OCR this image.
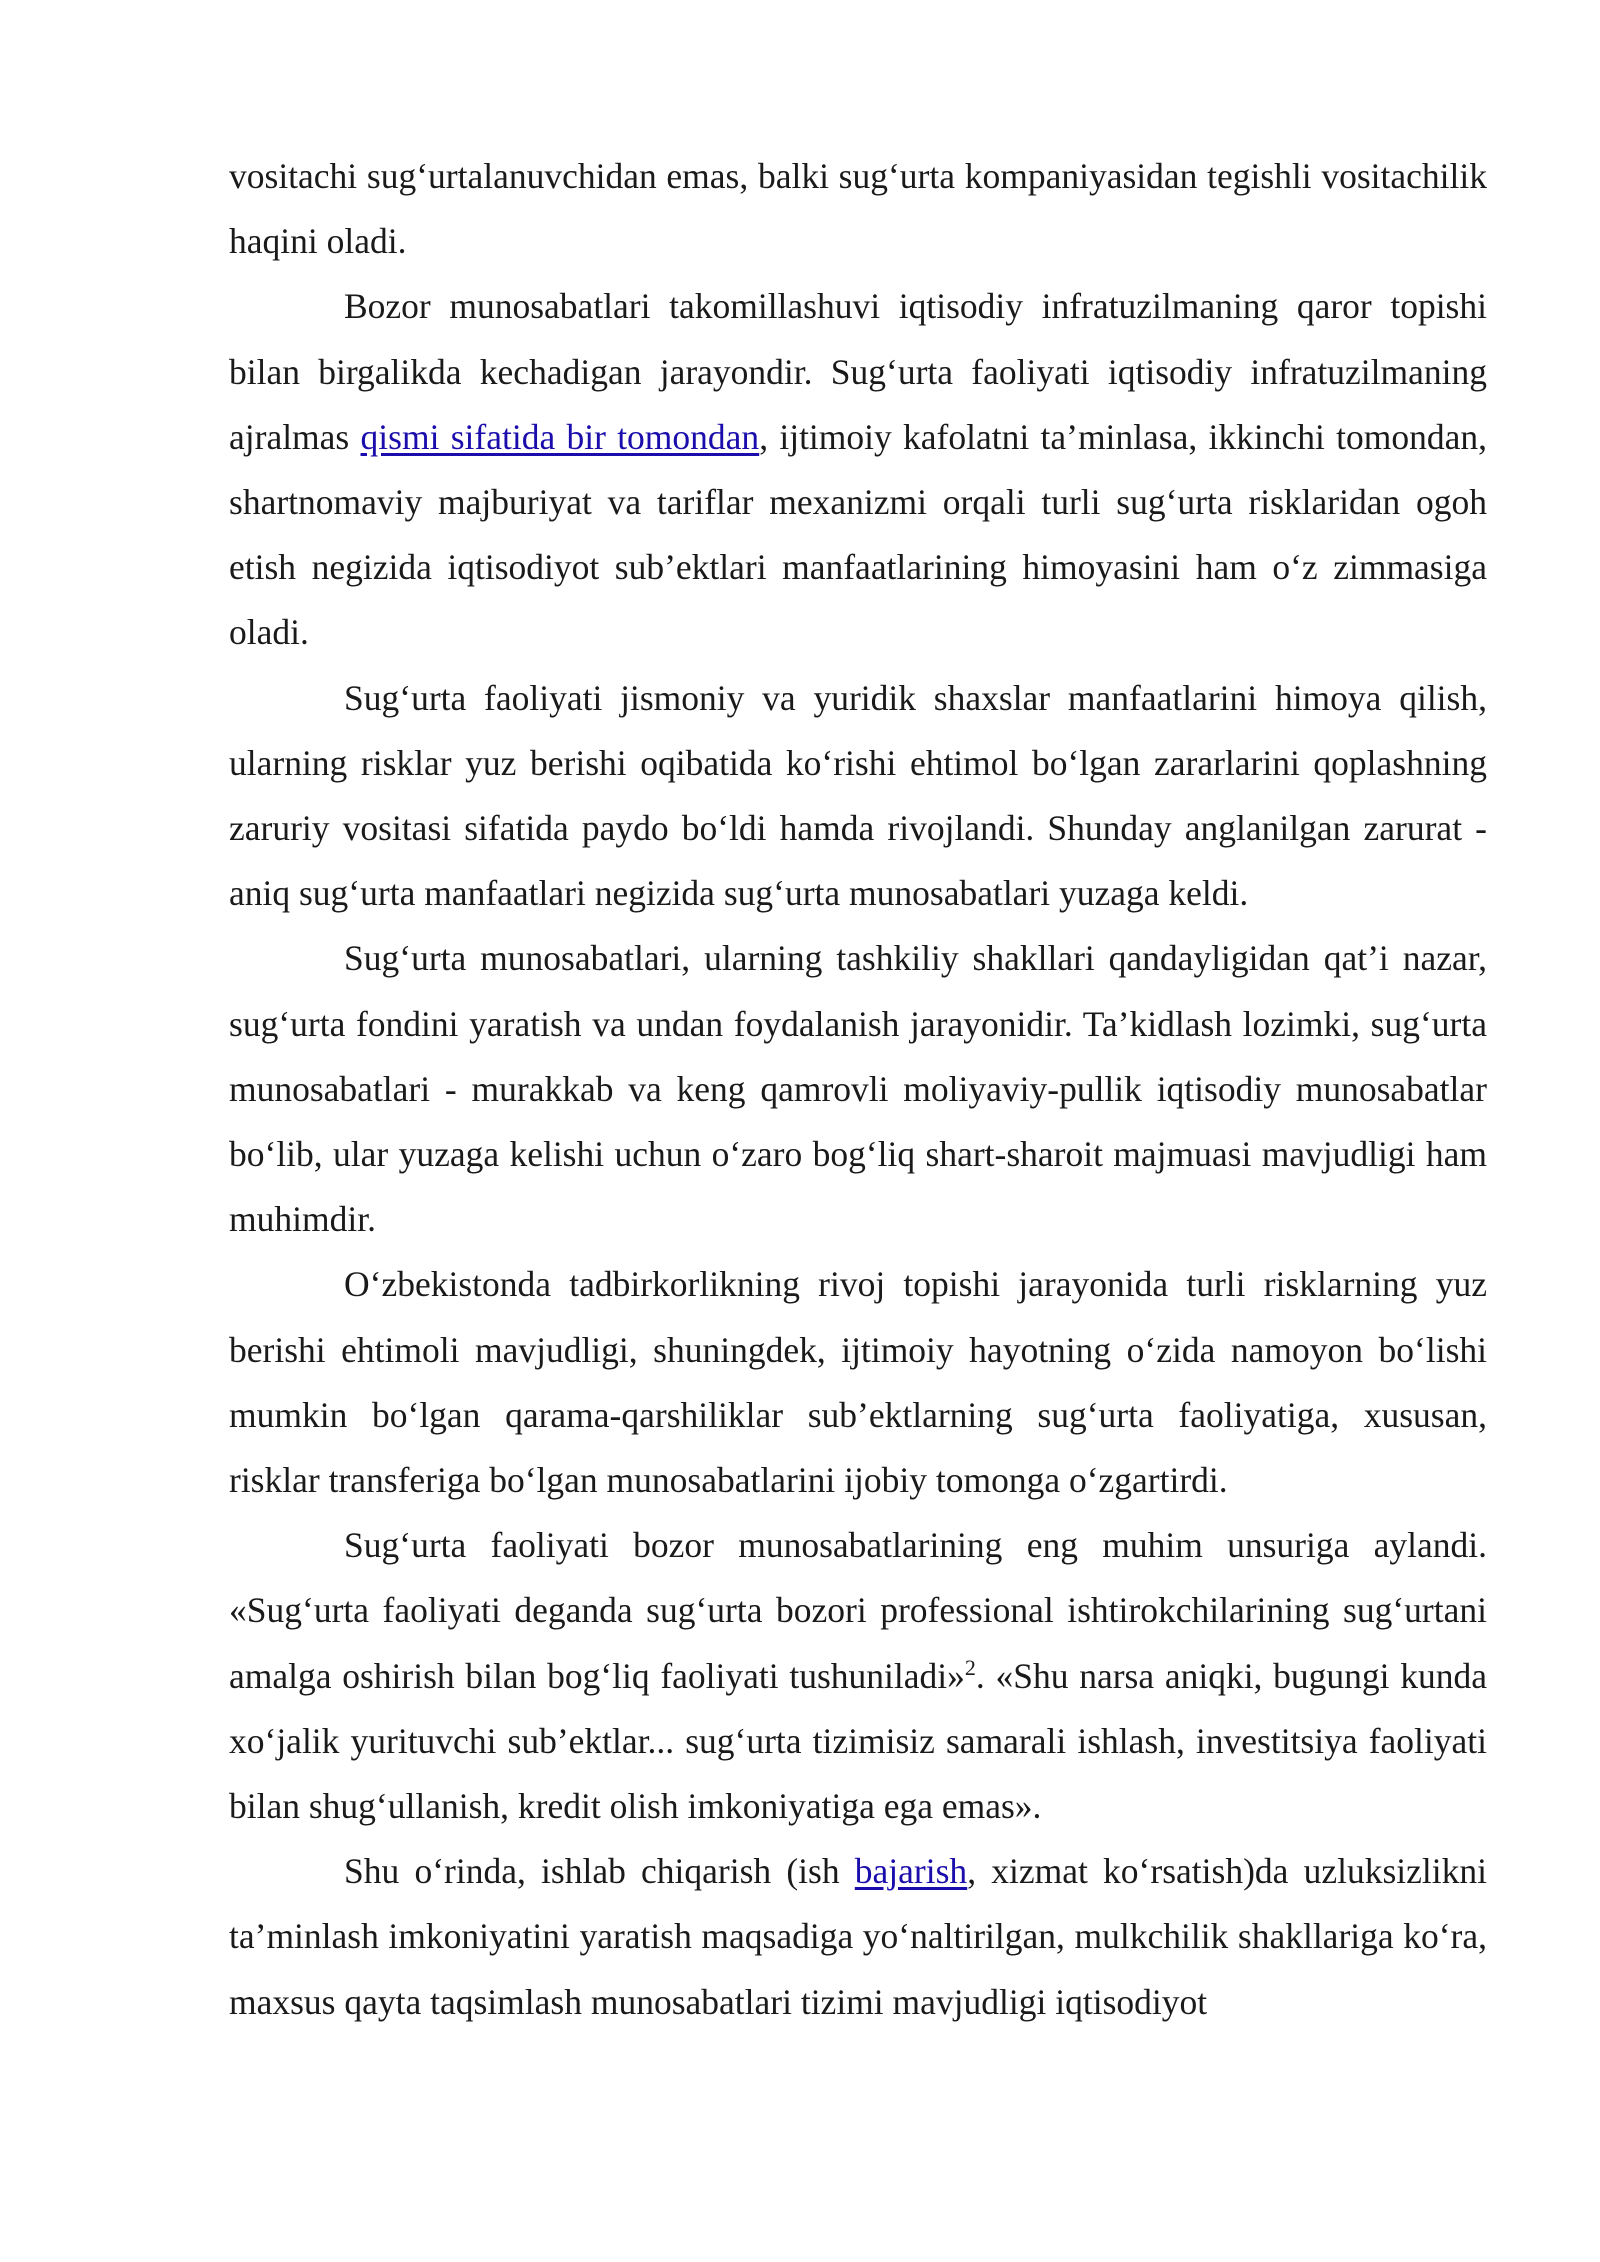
vositachi sug‘urtalanuvchidan emas, balki sug‘urta kompaniyasidan tegishli vositachilik haqini oladi.

Bozor munosabatlari takomillashuvi iqtisodiy infratuzilmaning qaror topishi bilan birgalikda kechadigan jarayondir. Sug‘urta faoliyati iqtisodiy infratuzilmaning ajralmas qismi sifatida bir tomondan, ijtimoiy kafolatni ta’minlasa, ikkinchi tomondan, shartnomaviy majburiyat va tariflar mexanizmi orqali turli sug‘urta risklaridan ogoh etish negizida iqtisodiyot sub’ektlari manfaatlarining himoyasini ham o‘z zimmasiga oladi.

Sug‘urta faoliyati jismoniy va yuridik shaxslar manfaatlarini himoya qilish, ularning risklar yuz berishi oqibatida ko‘rishi ehtimol bo‘lgan zararlarini qoplashning zaruriy vositasi sifatida paydo bo‘ldi hamda rivojlandi. Shunday anglanilgan zarurat - aniq sug‘urta manfaatlari negizida sug‘urta munosabatlari yuzaga keldi.

Sug‘urta munosabatlari, ularning tashkiliy shakllari qandayligidan qat’i nazar, sug‘urta fondini yaratish va undan foydalanish jarayonidir. Ta’kidlash lozimki, sug‘urta munosabatlari - murakkab va keng qamrovli moliyaviy-pullik iqtisodiy munosabatlar bo‘lib, ular yuzaga kelishi uchun o‘zaro bog‘liq shart-sharoit majmuasi mavjudligi ham muhimdir.

O‘zbekistonda tadbirkorlikning rivoj topishi jarayonida turli risklarning yuz berishi ehtimoli mavjudligi, shuningdek, ijtimoiy hayotning o‘zida namoyon bo‘lishi mumkin bo‘lgan qarama-qarshiliklar sub’ektlarning sug‘urta faoliyatiga, xususan, risklar transferiga bo‘lgan munosabatlarini ijobiy tomonga o‘zgartirdi.

Sug‘urta faoliyati bozor munosabatlarining eng muhim unsuriga aylandi. «Sug‘urta faoliyati deganda sug‘urta bozori professional ishtirokchilarining sug‘urtani amalga oshirish bilan bog‘liq faoliyati tushuniladi»$^2$. «Shu narsa aniqki, bugungi kunda xo‘jalik yurituvchi sub’ektlar... sug‘urta tizimisiz samarali ishlash, investitsiya faoliyati bilan shug‘ullanish, kredit olish imkoniyatiga ega emas».

Shu o‘rinda, ishlab chiqarish (ish bajarish, xizmat ko‘rsatish)da uzluksizlikni ta’minlash imkoniyatini yaratish maqsadiga yo‘naltirilgan, mulkchilik shakllariga ko‘ra, maxsus qayta taqsimlash munosabatlari tizimi mavjudligi iqtisodiyot
